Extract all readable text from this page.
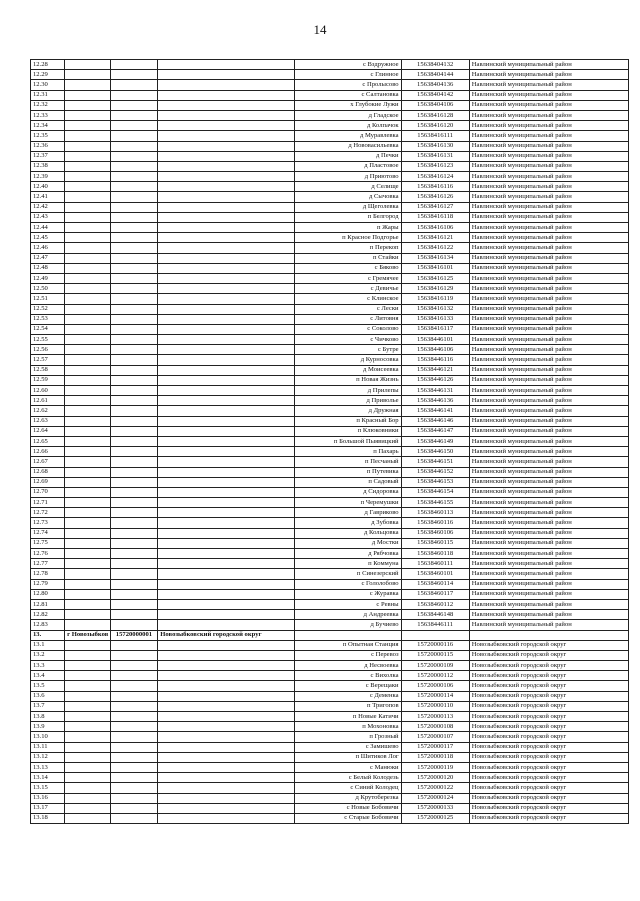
14
12.28				с Вздружное	15638404132	Навлинский муниципальный район
12.29				с Глинное	15638404144	Навлинский муниципальный район
12.30				с Пролысово	15638404136	Навлинский муниципальный район
12.31				с Салтановка	15638404142	Навлинский муниципальный район
12.32				х Глубокие Лужи	15638404106	Навлинский муниципальный район
12.33				д Гладское	15638416128	Навлинский муниципальный район
12.34				д Колпачок	15638416120	Навлинский муниципальный район
12.35				д Муравлевка	15638416111	Навлинский муниципальный район
12.36				д Нововасильевка	15638416130	Навлинский муниципальный район
12.37				д Печки	15638416131	Навлинский муниципальный район
12.38				д Пластовое	15638416123	Навлинский муниципальный район
12.39				д Приютово	15638416124	Навлинский муниципальный район
12.40				д Селище	15638416116	Навлинский муниципальный район
12.41				д Сычовка	15638416126	Навлинский муниципальный район
12.42				д Щеголевка	15638416127	Навлинский муниципальный район
12.43				п Белгород	15638416118	Навлинский муниципальный район
12.44				п Жары	15638416106	Навлинский муниципальный район
12.45				п Красное Подгорье	15638416121	Навлинский муниципальный район
12.46				п Перекоп	15638416122	Навлинский муниципальный район
12.47				п Стайки	15638416134	Навлинский муниципальный район
12.48				с Бяково	15638416101	Навлинский муниципальный район
12.49				с Гремячее	15638416125	Навлинский муниципальный район
12.50				с Девичье	15638416129	Навлинский муниципальный район
12.51				с Клинское	15638416119	Навлинский муниципальный район
12.52				с Лески	15638416132	Навлинский муниципальный район
12.53				с Литовня	15638416133	Навлинский муниципальный район
12.54				с Соколово	15638416117	Навлинский муниципальный район
12.55				с Чичково	15638446101	Навлинский муниципальный район
12.56				с Бутре	15638446106	Навлинский муниципальный район
12.57				д Курносовка	15638446116	Навлинский муниципальный район
12.58				д Моисеевка	15638446121	Навлинский муниципальный район
12.59				п Новая Жизнь	15638446126	Навлинский муниципальный район
12.60				д Прилепы	15638446131	Навлинский муниципальный район
12.61				д Приволье	15638446136	Навлинский муниципальный район
12.62				д Дружная	15638446141	Навлинский муниципальный район
12.63				п Красный Бор	15638446146	Навлинский муниципальный район
12.64				п Клюковники	15638446147	Навлинский муниципальный район
12.65				п Большой Пыявицкий	15638446149	Навлинский муниципальный район
12.66				п Пахарь	15638446150	Навлинский муниципальный район
12.67				п Песчаный	15638446151	Навлинский муниципальный район
12.68				п Путевика	15638446152	Навлинский муниципальный район
12.69				п Садовый	15638446153	Навлинский муниципальный район
12.70				д Сидоровка	15638446154	Навлинский муниципальный район
12.71				п Черемушки	15638446155	Навлинский муниципальный район
12.72				д Гавриково	15638460113	Навлинский муниципальный район
12.73				д Зубовка	15638460116	Навлинский муниципальный район
12.74				д Кольцовка	15638460106	Навлинский муниципальный район
12.75				д Мостки	15638460115	Навлинский муниципальный район
12.76				д Рябчовка	15638460118	Навлинский муниципальный район
12.77				п Коммуна	15638460111	Навлинский муниципальный район
12.78				п Синезерский	15638460101	Навлинский муниципальный район
12.79				с Гололобово	15638460114	Навлинский муниципальный район
12.80				с Журавка	15638460117	Навлинский муниципальный район
12.81				с Ревны	15638460112	Навлинский муниципальный район
12.82				д Андреевка	15638446148	Навлинский муниципальный район
12.83				д Бучиево	15638446111	Навлинский муниципальный район
13.	г Новозыбков	15720000001	Новозыбковский городской округ			
13.1				п Опытная Станция	15720000116	Новозыбковский городской округ
13.2				с Перевоз	15720000115	Новозыбковский городской округ
13.3				д Несвоевка	15720000109	Новозыбковский городской округ
13.4				с Вихолка	15720000112	Новозыбковский городской округ
13.5				с Верещаки	15720000106	Новозыбковский городской округ
13.6				с Деменка	15720000114	Новозыбковский городской округ
13.7				п Тригопов	15720000110	Новозыбковский городской округ
13.8				п Новые Катичи	15720000113	Новозыбковский городской округ
13.9				п Мохоновка	15720000108	Новозыбковский городской округ
13.10				п Грозный	15720000107	Новозыбковский городской округ
13.11				с Замишево	15720000117	Новозыбковский городской округ
13.12				п Шитиков Лог	15720000118	Новозыбковский городской округ
13.13				с Манюки	15720000119	Новозыбковский городской округ
13.14				с Белый Колодезь	15720000120	Новозыбковский городской округ
13.15				с Синий Колодец	15720000122	Новозыбковский городской округ
13.16				д Крутоберезка	15720000124	Новозыбковский городской округ
13.17				с Новые Бобовичи	15720000133	Новозыбковский городской округ
13.18				с Старые Бобовичи	15720000125	Новозыбковский городской округ
